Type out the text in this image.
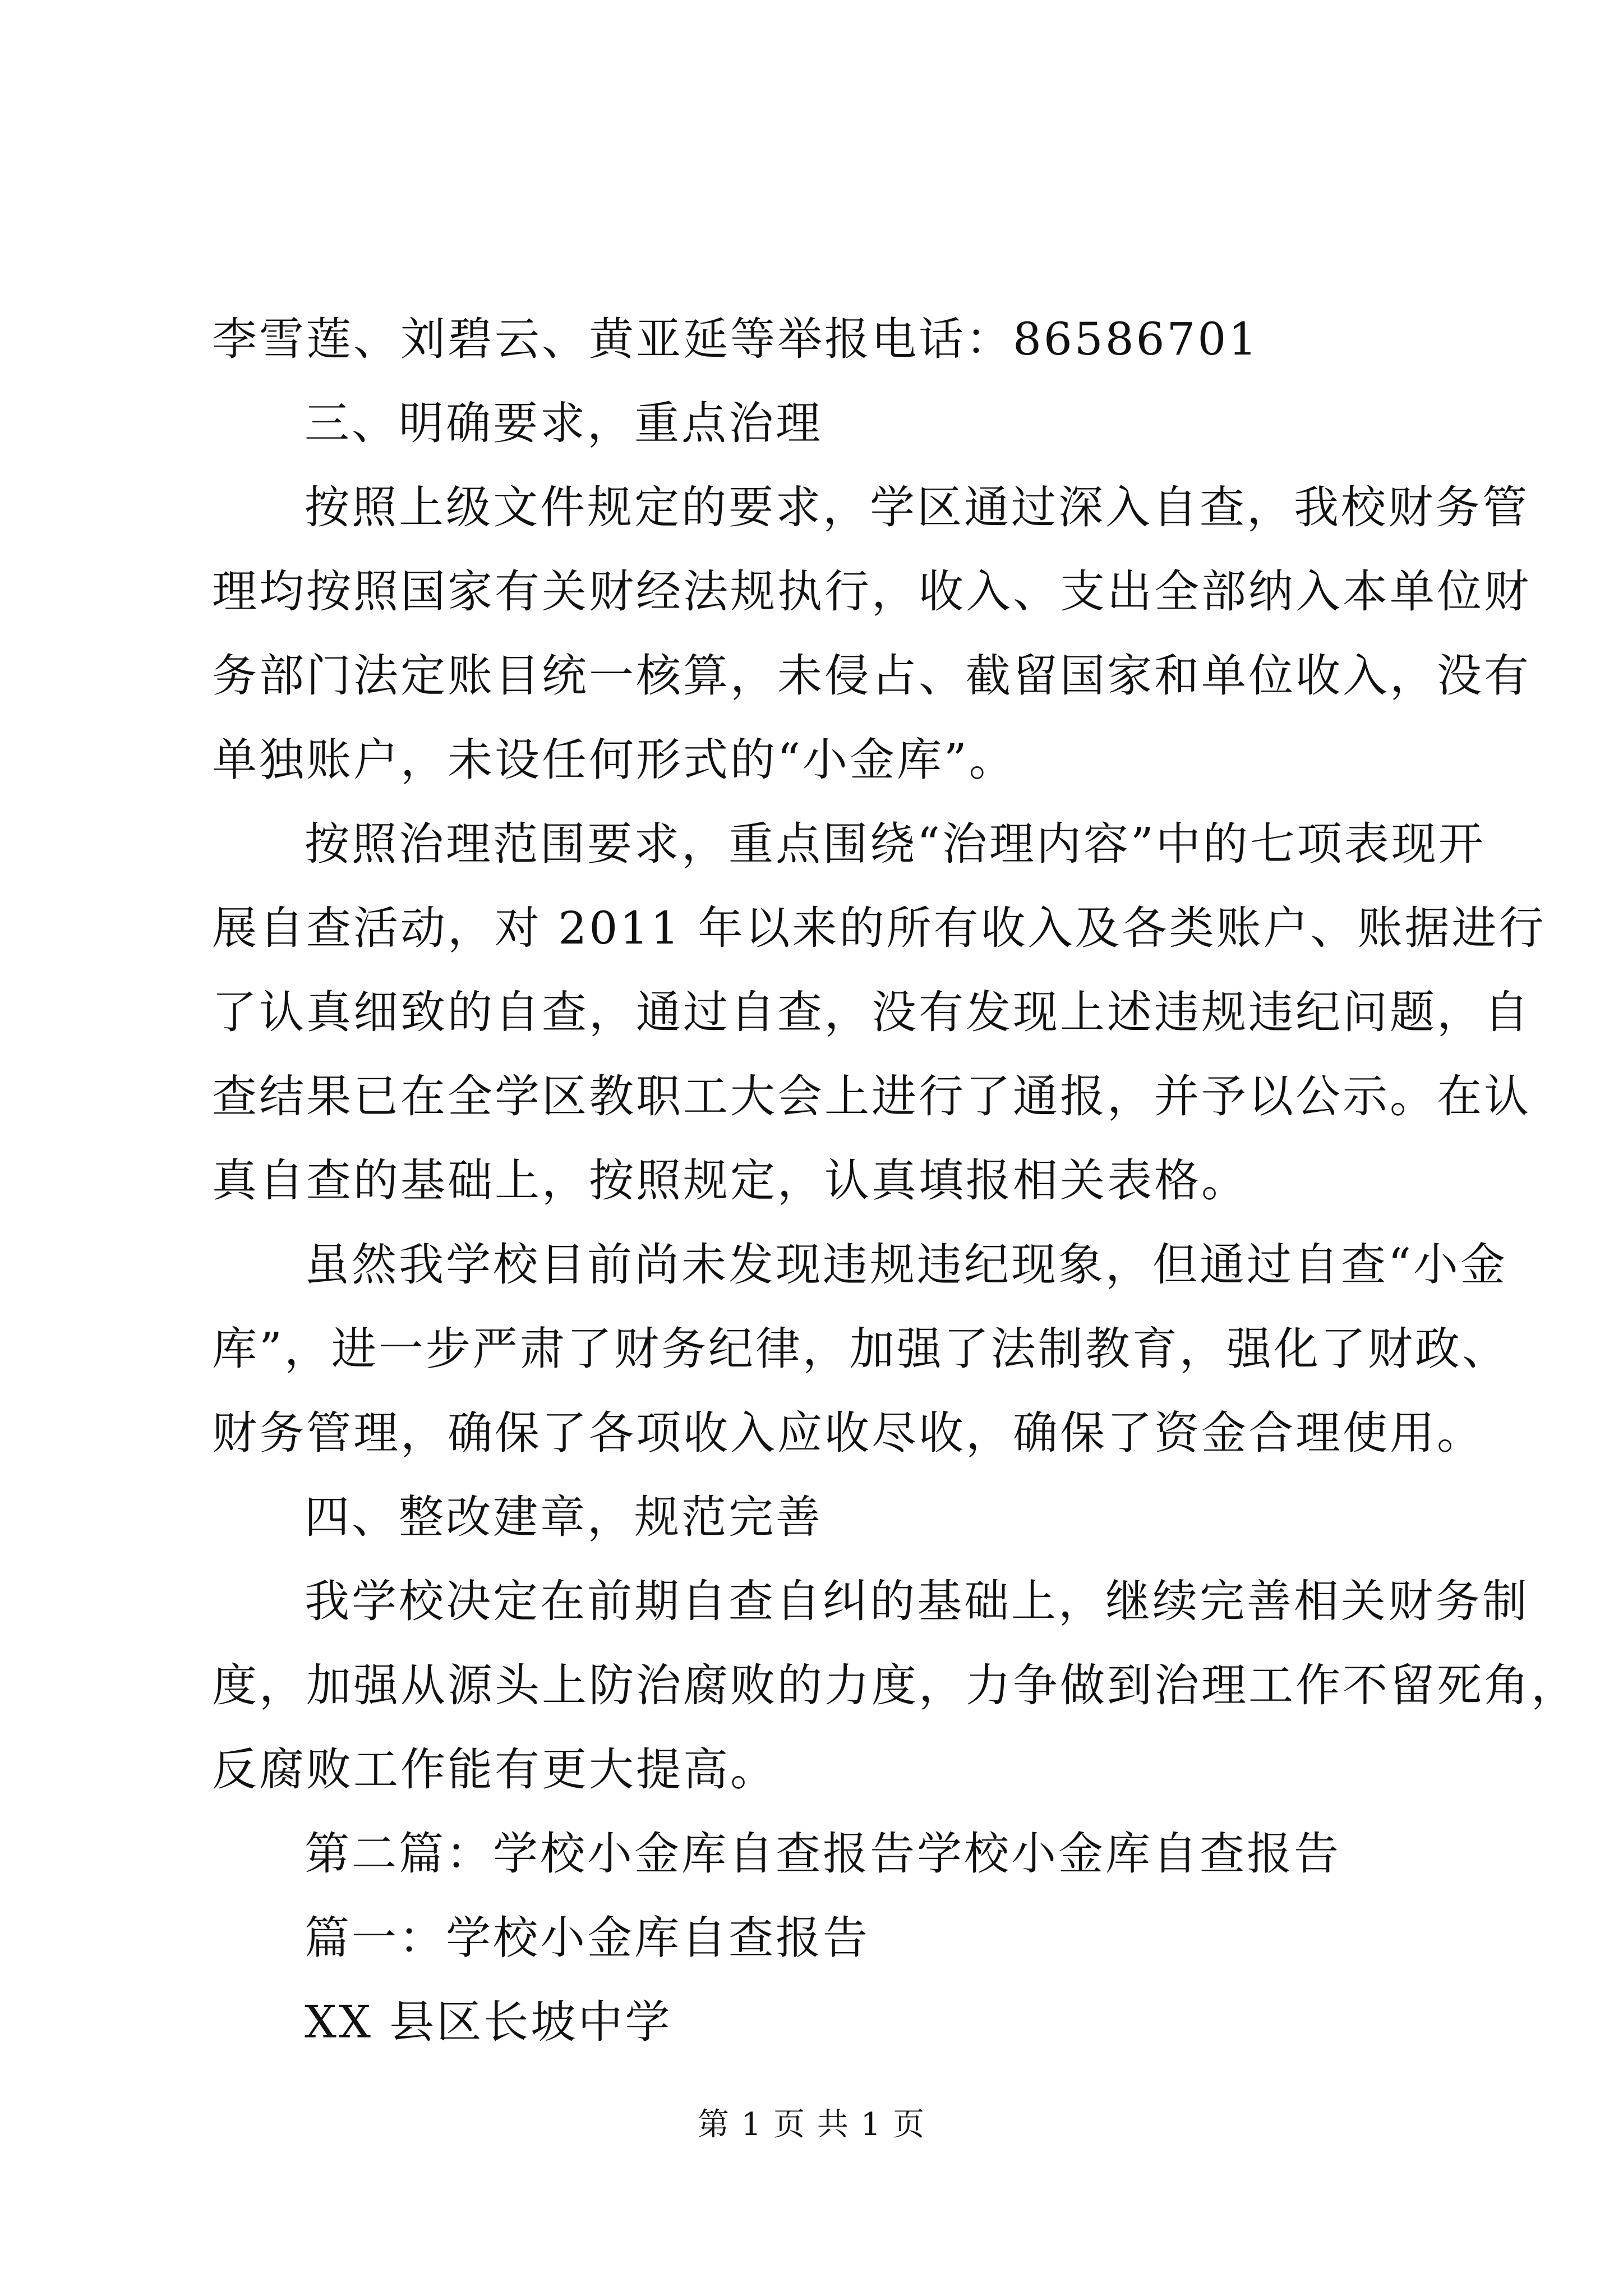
李雪莲、刘碧云、黄亚延等举报电话：86586701
三、明确要求，重点治理
按照上级文件规定的要求，学区通过深入自查，我校财务管
理均按照国家有关财经法规执行，收入、支出全部纳入本单位财
务部门法定账目统一核算，未侵占、截留国家和单位收入，没有
单独账户，未设任何形式的“小金库”。
按照治理范围要求，重点围绕“治理内容”中的七项表现开
展自查活动，对 2011 年以来的所有收入及各类账户、账据进行
了认真细致的自查，通过自查，没有发现上述违规违纪问题，自
查结果已在全学区教职工大会上进行了通报，并予以公示。在认
真自查的基础上，按照规定，认真填报相关表格。
虽然我学校目前尚未发现违规违纪现象，但通过自查“小金
库”，进一步严肃了财务纪律，加强了法制教育，强化了财政、
财务管理，确保了各项收入应收尽收，确保了资金合理使用。
四、整改建章，规范完善
我学校决定在前期自查自纠的基础上，继续完善相关财务制
度，加强从源头上防治腐败的力度，力争做到治理工作不留死角，
反腐败工作能有更大提高。
第二篇：学校小金库自查报告学校小金库自查报告
篇一：学校小金库自查报告
XX 县区长坡中学
第 1 页 共 1 页
